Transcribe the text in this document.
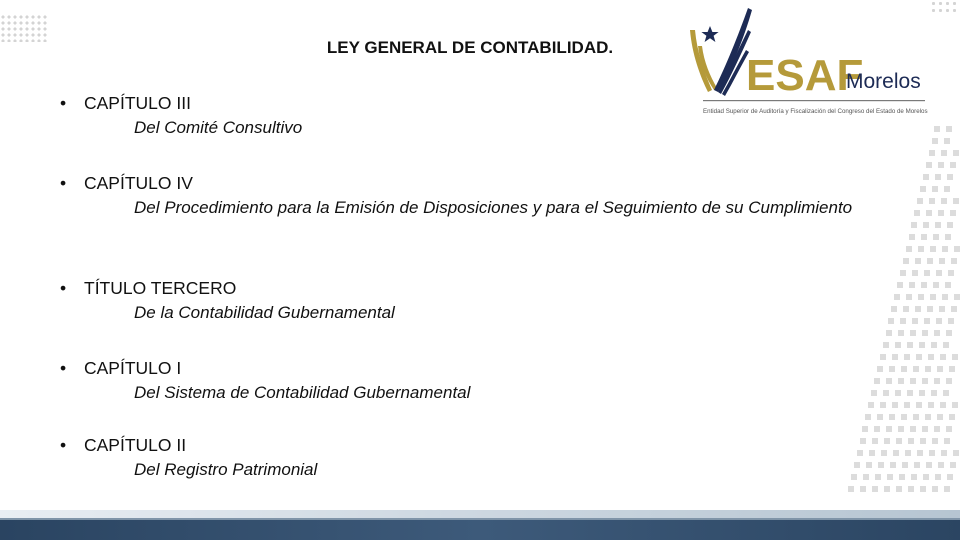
LEY GENERAL DE CONTABILIDAD.
ESAF
Morelos
Entidad Superior de Auditoría y Fiscalización del Congreso del Estado de Morelos
• CAPÍTULO III
Del Comité Consultivo
• CAPÍTULO IV
Del Procedimiento para la Emisión de Disposiciones y para el Seguimiento de su Cumplimiento
• TÍTULO TERCERO
De la Contabilidad Gubernamental
• CAPÍTULO I
Del Sistema de Contabilidad Gubernamental
• CAPÍTULO II
Del Registro Patrimonial
